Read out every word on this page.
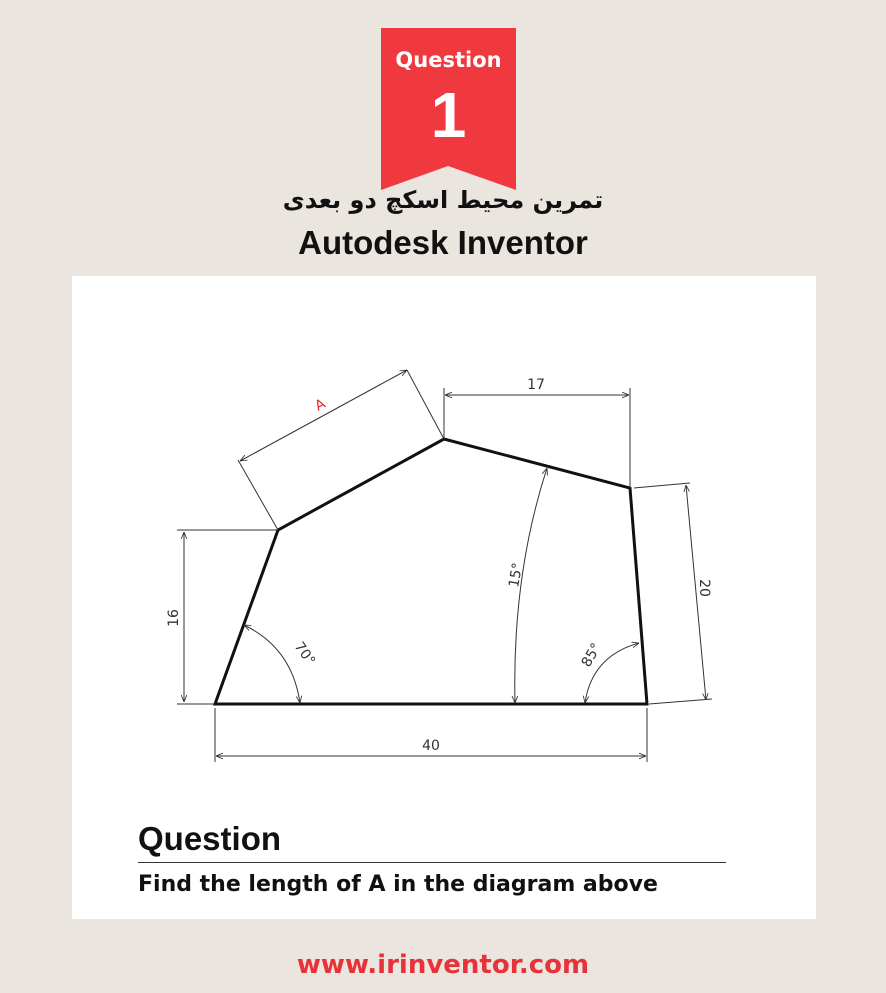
Question
1
تمرین محیط اسکچ دو بعدی
Autodesk Inventor
A
17
20
16
40
70°
15°
85°
Question
Find the length of A in the diagram above
www.irinventor.com
